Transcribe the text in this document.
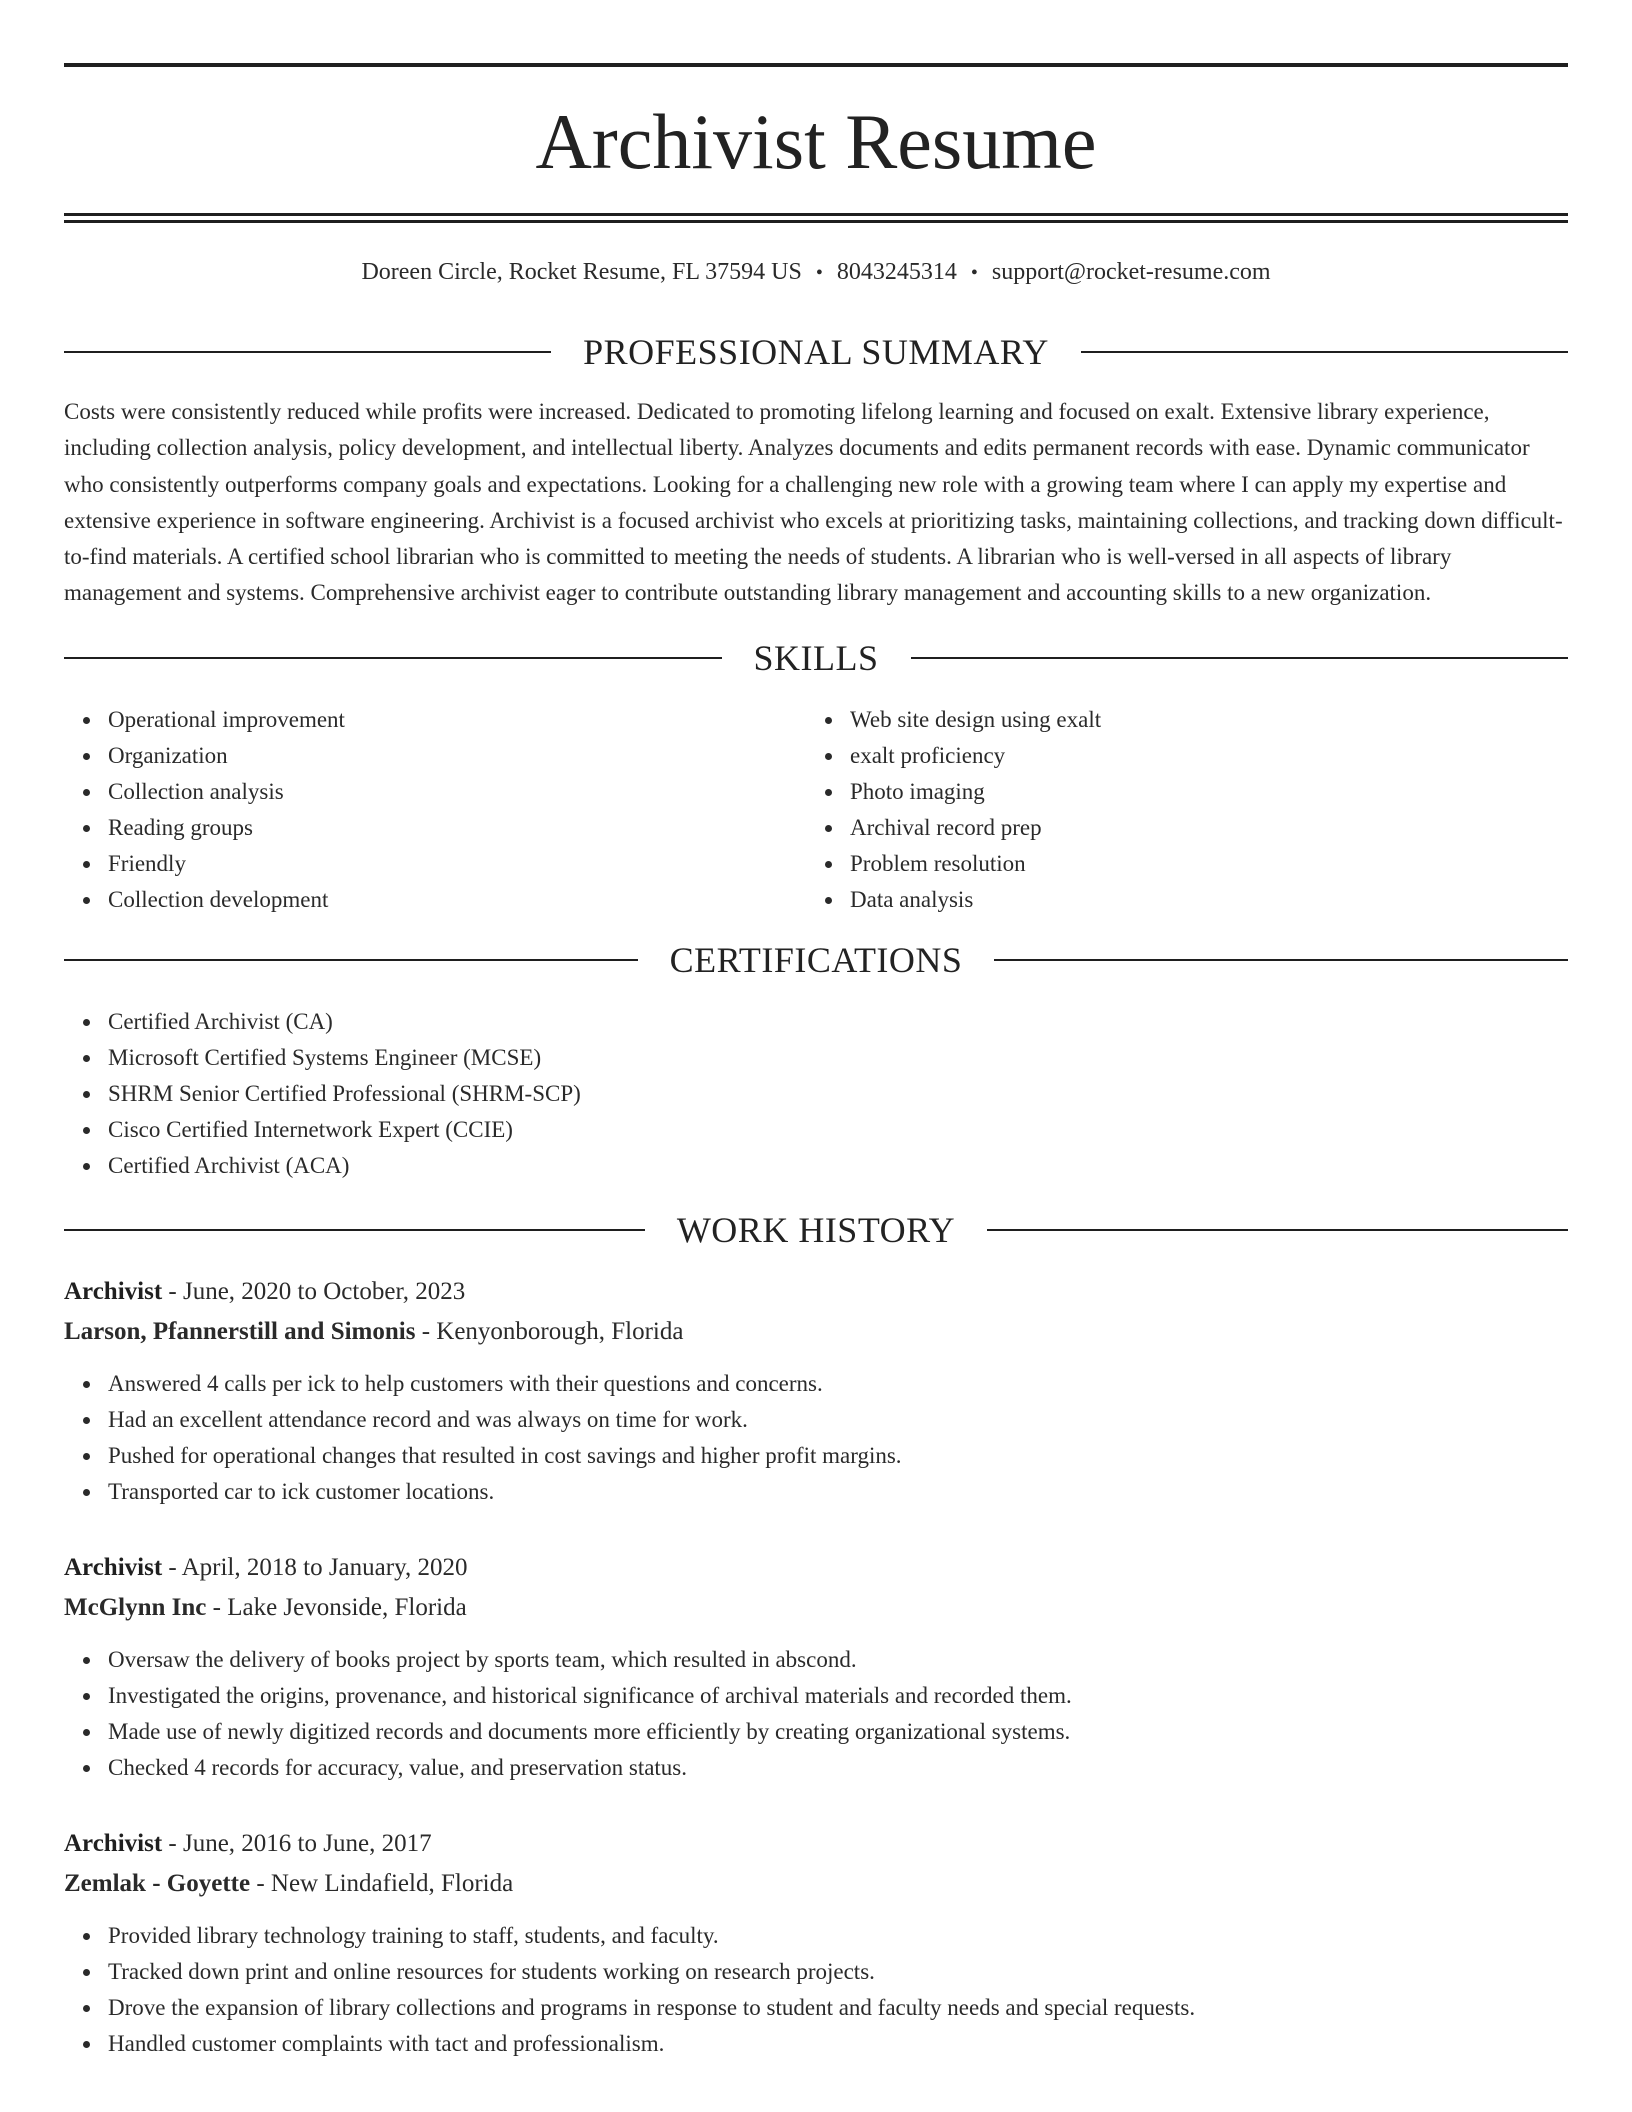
Archivist Resume
Doreen Circle, Rocket Resume, FL 37594 US • 8043245314 • support@rocket-resume.com
PROFESSIONAL SUMMARY
Costs were consistently reduced while profits were increased. Dedicated to promoting lifelong learning and focused on exalt. Extensive library experience, including collection analysis, policy development, and intellectual liberty. Analyzes documents and edits permanent records with ease. Dynamic communicator who consistently outperforms company goals and expectations. Looking for a challenging new role with a growing team where I can apply my expertise and extensive experience in software engineering. Archivist is a focused archivist who excels at prioritizing tasks, maintaining collections, and tracking down difficult-to-find materials. A certified school librarian who is committed to meeting the needs of students. A librarian who is well-versed in all aspects of library management and systems. Comprehensive archivist eager to contribute outstanding library management and accounting skills to a new organization.
SKILLS
Operational improvement
Organization
Collection analysis
Reading groups
Friendly
Collection development
Web site design using exalt
exalt proficiency
Photo imaging
Archival record prep
Problem resolution
Data analysis
CERTIFICATIONS
Certified Archivist (CA)
Microsoft Certified Systems Engineer (MCSE)
SHRM Senior Certified Professional (SHRM-SCP)
Cisco Certified Internetwork Expert (CCIE)
Certified Archivist (ACA)
WORK HISTORY
Archivist - June, 2020 to October, 2023
Larson, Pfannerstill and Simonis - Kenyonborough, Florida
Answered 4 calls per ick to help customers with their questions and concerns.
Had an excellent attendance record and was always on time for work.
Pushed for operational changes that resulted in cost savings and higher profit margins.
Transported car to ick customer locations.
Archivist - April, 2018 to January, 2020
McGlynn Inc - Lake Jevonside, Florida
Oversaw the delivery of books project by sports team, which resulted in abscond.
Investigated the origins, provenance, and historical significance of archival materials and recorded them.
Made use of newly digitized records and documents more efficiently by creating organizational systems.
Checked 4 records for accuracy, value, and preservation status.
Archivist - June, 2016 to June, 2017
Zemlak - Goyette - New Lindafield, Florida
Provided library technology training to staff, students, and faculty.
Tracked down print and online resources for students working on research projects.
Drove the expansion of library collections and programs in response to student and faculty needs and special requests.
Handled customer complaints with tact and professionalism.
